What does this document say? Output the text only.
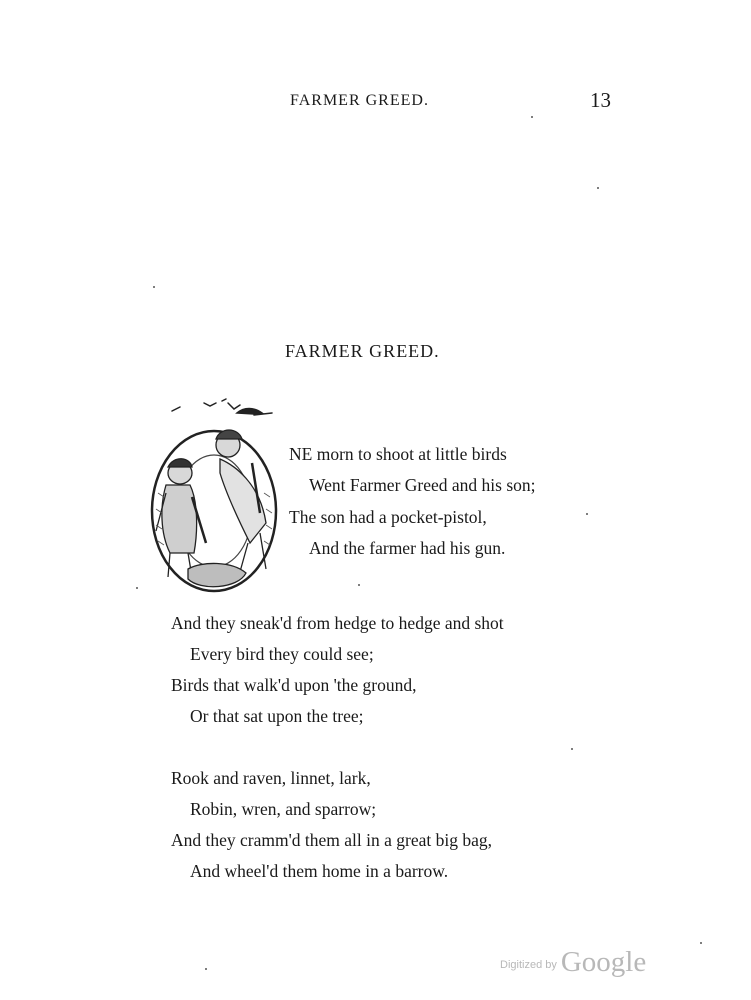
FARMER GREED.	13
FARMER GREED.
NE morn to shoot at little birds
Went Farmer Greed and his son;
The son had a pocket-pistol,
And the farmer had his gun.
And they sneak'd from hedge to hedge and shot
Every bird they could see;
Birds that walk'd upon 'the ground,
Or that sat upon the tree;
Rook and raven, linnet, lark,
Robin, wren, and sparrow;
And they cramm'd them all in a great big bag,
And wheel'd them home in a barrow.
Digitized by Google
